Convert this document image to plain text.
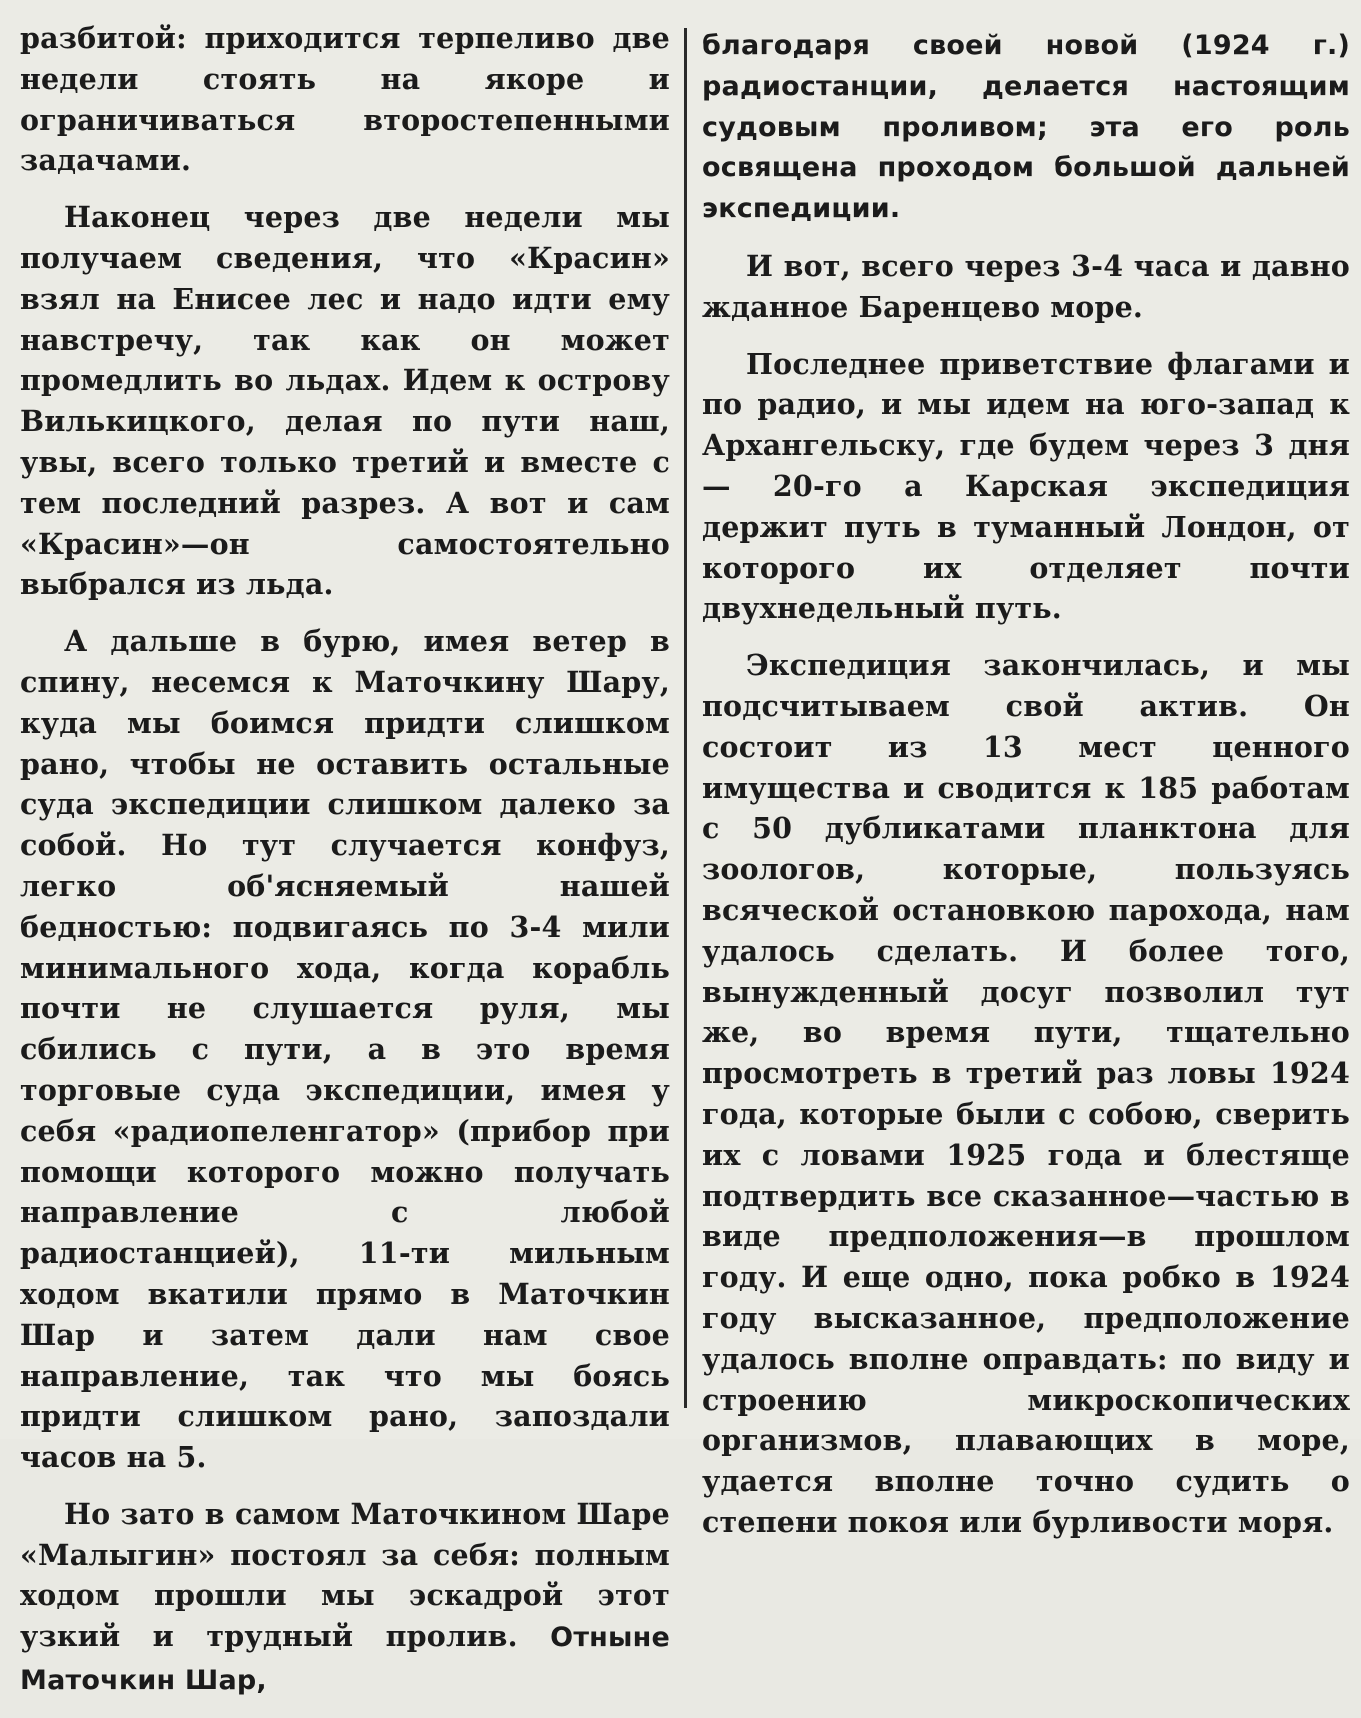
разбитой: приходится терпеливо две недели стоять на якоре и ограничиваться второстепенными задачами.

Наконец через две недели мы получаем сведения, что «Красин» взял на Енисее лес и надо идти ему навстречу, так как он может промедлить во льдах. Идем к острову Вилькицкого, делая по пути наш, увы, всего только третий и вместе с тем последний разрез. А вот и сам «Красин»—он самостоятельно выбрался из льда.

А дальше в бурю, имея ветер в спину, несемся к Маточкину Шару, куда мы боимся придти слишком рано, чтобы не оставить остальные суда экспедиции слишком далеко за собой. Но тут случается конфуз, легко об'ясняемый нашей бедностью: подвигаясь по 3-4 мили минимального хода, когда корабль почти не слушается руля, мы сбились с пути, а в это время торговые суда экспедиции, имея у себя «радиопеленгатор» (прибор при помощи которого можно получать направление с любой радиостанцией), 11-ти мильным ходом вкатили прямо в Маточкин Шар и затем дали нам свое направление, так что мы боясь придти слишком рано, запоздали часов на 5.

Но зато в самом Маточкином Шаре «Малыгин» постоял за себя: полным ходом прошли мы эскадрой этот узкий и трудный пролив. Отныне Маточкин Шар,

благодаря своей новой (1924 г.) радиостанции, делается настоящим судовым проливом; эта его роль освящена проходом большой дальней экспедиции.

И вот, всего через 3-4 часа и давно жданное Баренцево море.

Последнее приветствие флагами и по радио, и мы идем на юго-запад к Архангельску, где будем через 3 дня — 20-го а Карская экспедиция держит путь в туманный Лондон, от которого их отделяет почти двухнедельный путь.

Экспедиция закончилась, и мы подсчитываем свой актив. Он состоит из 13 мест ценного имущества и сводится к 185 работам с 50 дубликатами планктона для зоологов, которые, пользуясь всяческой остановкою парохода, нам удалось сделать. И более того, вынужденный досуг позволил тут же, во время пути, тщательно просмотреть в третий раз ловы 1924 года, которые были с собою, сверить их с ловами 1925 года и блестяще подтвердить все сказанное—частью в виде предположения—в прошлом году. И еще одно, пока робко в 1924 году высказанное, предположение удалось вполне оправдать: по виду и строению микроскопических организмов, плавающих в море, удается вполне точно судить о степени покоя или бурливости моря.
